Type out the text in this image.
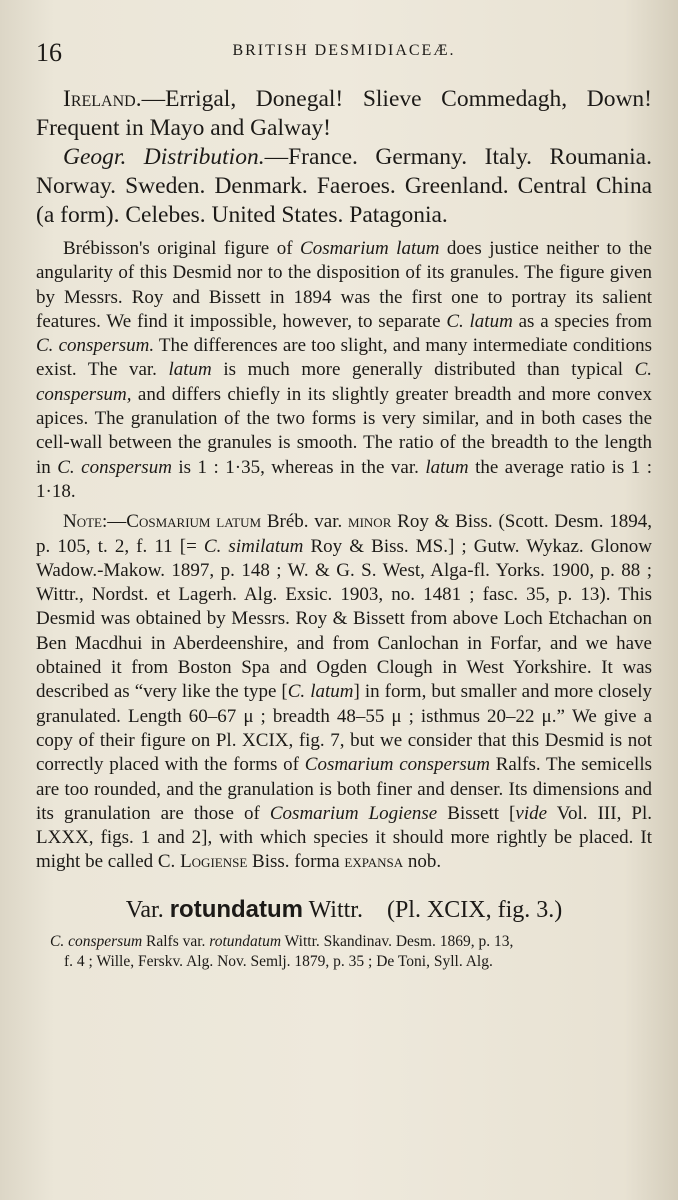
16	BRITISH DESMIDIACEÆ.

Ireland.—Errigal, Donegal! Slieve Commedagh, Down! Frequent in Mayo and Galway!

Geogr. Distribution.—France. Germany. Italy. Roumania. Norway. Sweden. Denmark. Faeroes. Greenland. Central China (a form). Celebes. United States. Patagonia.

Brébisson's original figure of Cosmarium latum does justice neither to the angularity of this Desmid nor to the disposition of its granules. The figure given by Messrs. Roy and Bissett in 1894 was the first one to portray its salient features. We find it impossible, however, to separate C. latum as a species from C. conspersum. The differences are too slight, and many intermediate conditions exist. The var. latum is much more generally distributed than typical C. conspersum, and differs chiefly in its slightly greater breadth and more convex apices. The granulation of the two forms is very similar, and in both cases the cell-wall between the granules is smooth. The ratio of the breadth to the length in C. conspersum is 1 : 1·35, whereas in the var. latum the average ratio is 1 : 1·18.

Note:—Cosmarium latum Bréb. var. minor Roy & Biss. (Scott. Desm. 1894, p. 105, t. 2, f. 11 [= C. similatum Roy & Biss. MS.] ; Gutw. Wykaz. Glonow Wadow.-Makow. 1897, p. 148 ; W. & G. S. West, Alga-fl. Yorks. 1900, p. 88 ; Wittr., Nordst. et Lagerh. Alg. Exsic. 1903, no. 1481 ; fasc. 35, p. 13). This Desmid was obtained by Messrs. Roy & Bissett from above Loch Etchachan on Ben Macdhui in Aberdeenshire, and from Canlochan in Forfar, and we have obtained it from Boston Spa and Ogden Clough in West Yorkshire. It was described as “very like the type [C. latum] in form, but smaller and more closely granulated. Length 60–67 μ ; breadth 48–55 μ ; isthmus 20–22 μ.” We give a copy of their figure on Pl. XCIX, fig. 7, but we consider that this Desmid is not correctly placed with the forms of Cosmarium conspersum Ralfs. The semicells are too rounded, and the granulation is both finer and denser. Its dimensions and its granulation are those of Cosmarium Logiense Bissett [vide Vol. III, Pl. LXXX, figs. 1 and 2], with which species it should more rightly be placed. It might be called C. Logiense Biss. forma expansa nob.

Var. rotundatum Wittr. (Pl. XCIX, fig. 3.)

C. conspersum Ralfs var. rotundatum Wittr. Skandinav. Desm. 1869, p. 13,
f. 4 ; Wille, Ferskv. Alg. Nov. Semlj. 1879, p. 35 ; De Toni, Syll. Alg.
